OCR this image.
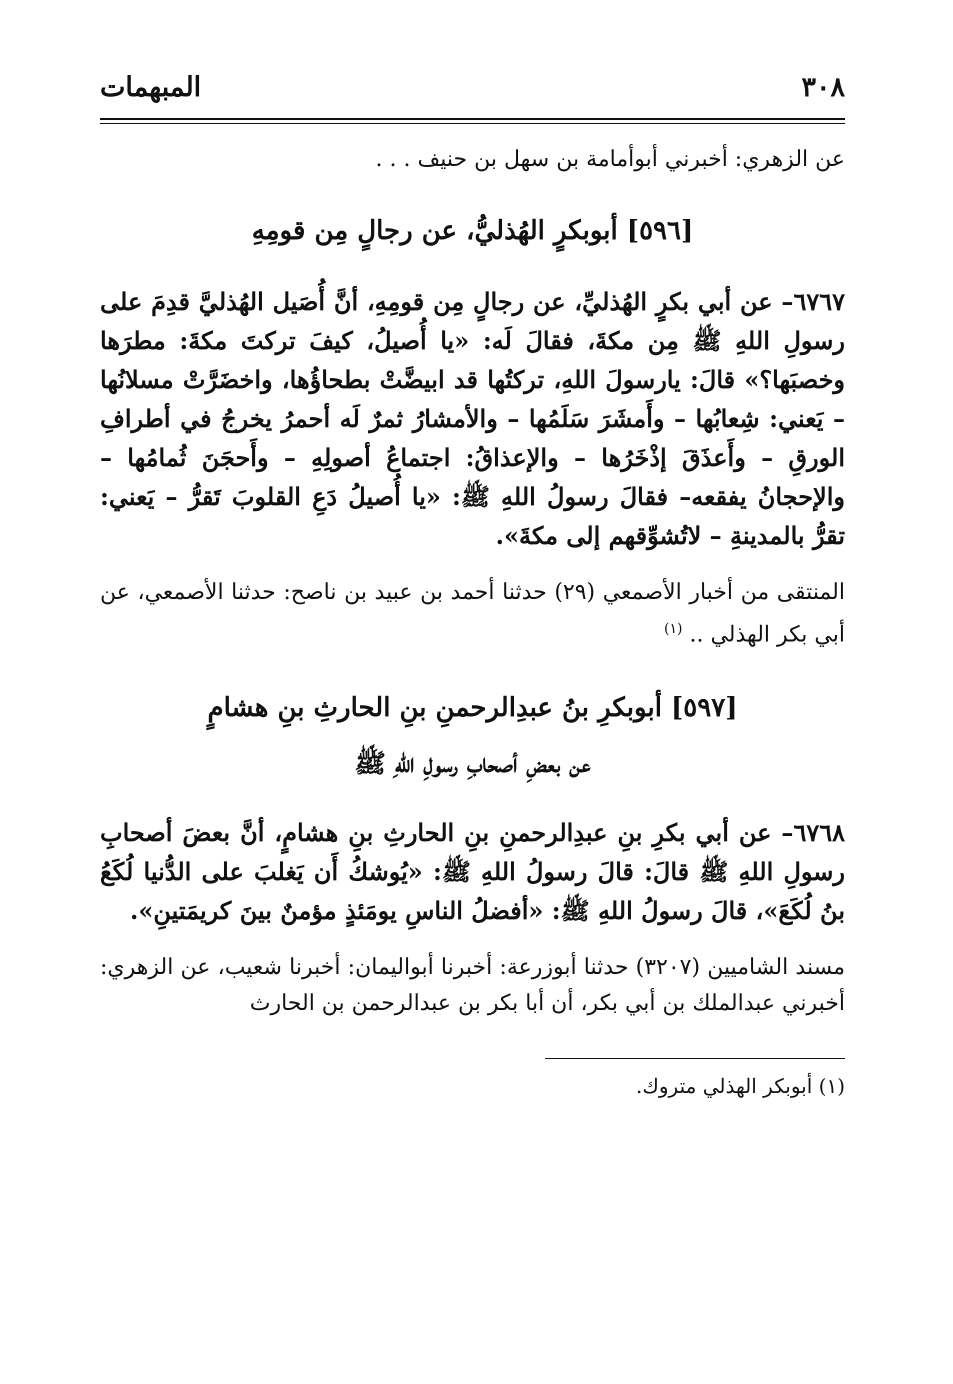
٣٠٨
المبهمات
عن الزهري: أخبرني أبوأمامة بن سهل بن حنيف . . .
[٥٩٦] أبوبكرٍ الهُذليُّ، عن رجالٍ مِن قومِهِ
٦٧٦٧– عن أبي بكرٍ الهُذليِّ، عن رجالٍ مِن قومِهِ، أنَّ أُصَيل الهُذليَّ قدِمَ على رسولِ اللهِ ﷺ مِن مكةَ، فقالَ لَه: «يا أُصيلُ، كيفَ تركتَ مكةَ: مطرَها وخصبَها؟» قالَ: يارسولَ اللهِ، تركتُها قد ابيضَّتْ بطحاؤُها، واخضَرَّتْ مسلانُها – يَعني: شِعابُها – وأَمشَرَ سَلَمُها – والأمشارُ ثمرٌ لَه أحمرُ يخرجُ في أطرافِ الورقِ – وأَعذَقَ إذْخَرُها – والإعذاقُ: اجتماعُ أصولِهِ – وأَحجَنَ ثُمامُها – والإحجانُ يفقعه– فقالَ رسولُ اللهِ ﷺ: «يا أُصيلُ دَعِ القلوبَ تَقرُّ – يَعني: تقرُّ بالمدينةِ – لاتُشوِّقهم إلى مكةَ».
المنتقى من أخبار الأصمعي (٢٩) حدثنا أحمد بن عبيد بن ناصح: حدثنا الأصمعي، عن أبي بكر الهذلي .. $^{(١)}$
[٥٩٧] أبوبكرِ بنُ عبدِالرحمنِ بنِ الحارثِ بنِ هشامٍ
عن بعضِ أصحابِ رسولِ اللهِ ﷺ
٦٧٦٨– عن أبي بكرِ بنِ عبدِالرحمنِ بنِ الحارثِ بنِ هشامٍ، أنَّ بعضَ أصحابِ رسولِ اللهِ ﷺ قالَ: قالَ رسولُ اللهِ ﷺ: «يُوشكُ أَن يَغلبَ على الدُّنيا لُكَعُ بنُ لُكَعَ»، قالَ رسولُ اللهِ ﷺ: «أفضلُ الناسِ يومَئذٍ مؤمنٌ بينَ كريمَتينِ».
مسند الشاميين (٣٢٠٧) حدثنا أبوزرعة: أخبرنا أبواليمان: أخبرنا شعيب، عن الزهري: أخبرني عبدالملك بن أبي بكر، أن أبا بكر بن عبدالرحمن بن الحارث
(١) أبوبكر الهذلي متروك.
